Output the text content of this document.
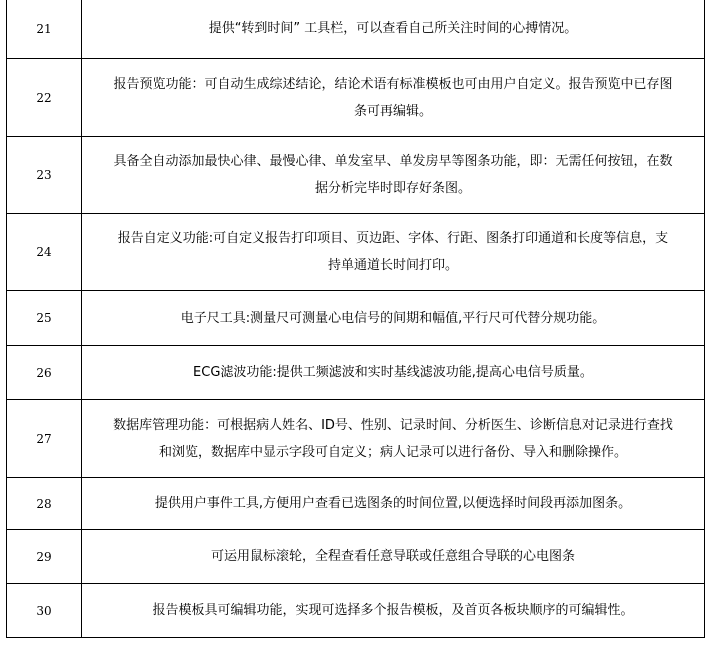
21	提供“转到时间” 工具栏，可以查看自己所关注时间的心搏情况。
22	报告预览功能：可自动生成综述结论，结论术语有标准模板也可由用户自定义。报告预览中已存图
条可再编辑。

23	具备全自动添加最快心律、最慢心律、单发室早、单发房早等图条功能，即：无需任何按钮，在数
据分析完毕时即存好条图。

24	报告自定义功能:可自定义报告打印项目、页边距、字体、行距、图条打印通道和长度等信息，支
持单通道长时间打印。

25	电子尺工具:测量尺可测量心电信号的间期和幅值,平行尺可代替分规功能。
26	ECG滤波功能:提供工频滤波和实时基线滤波功能,提高心电信号质量。
27	数据库管理功能：可根据病人姓名、ID号、性别、记录时间、分析医生、诊断信息对记录进行查找
和浏览，数据库中显示字段可自定义；病人记录可以进行备份、导入和删除操作。

28	提供用户事件工具,方便用户查看已选图条的时间位置,以便选择时间段再添加图条。
29	可运用鼠标滚轮，全程查看任意导联或任意组合导联的心电图条
30	报告模板具可编辑功能，实现可选择多个报告模板，及首页各板块顺序的可编辑性。
